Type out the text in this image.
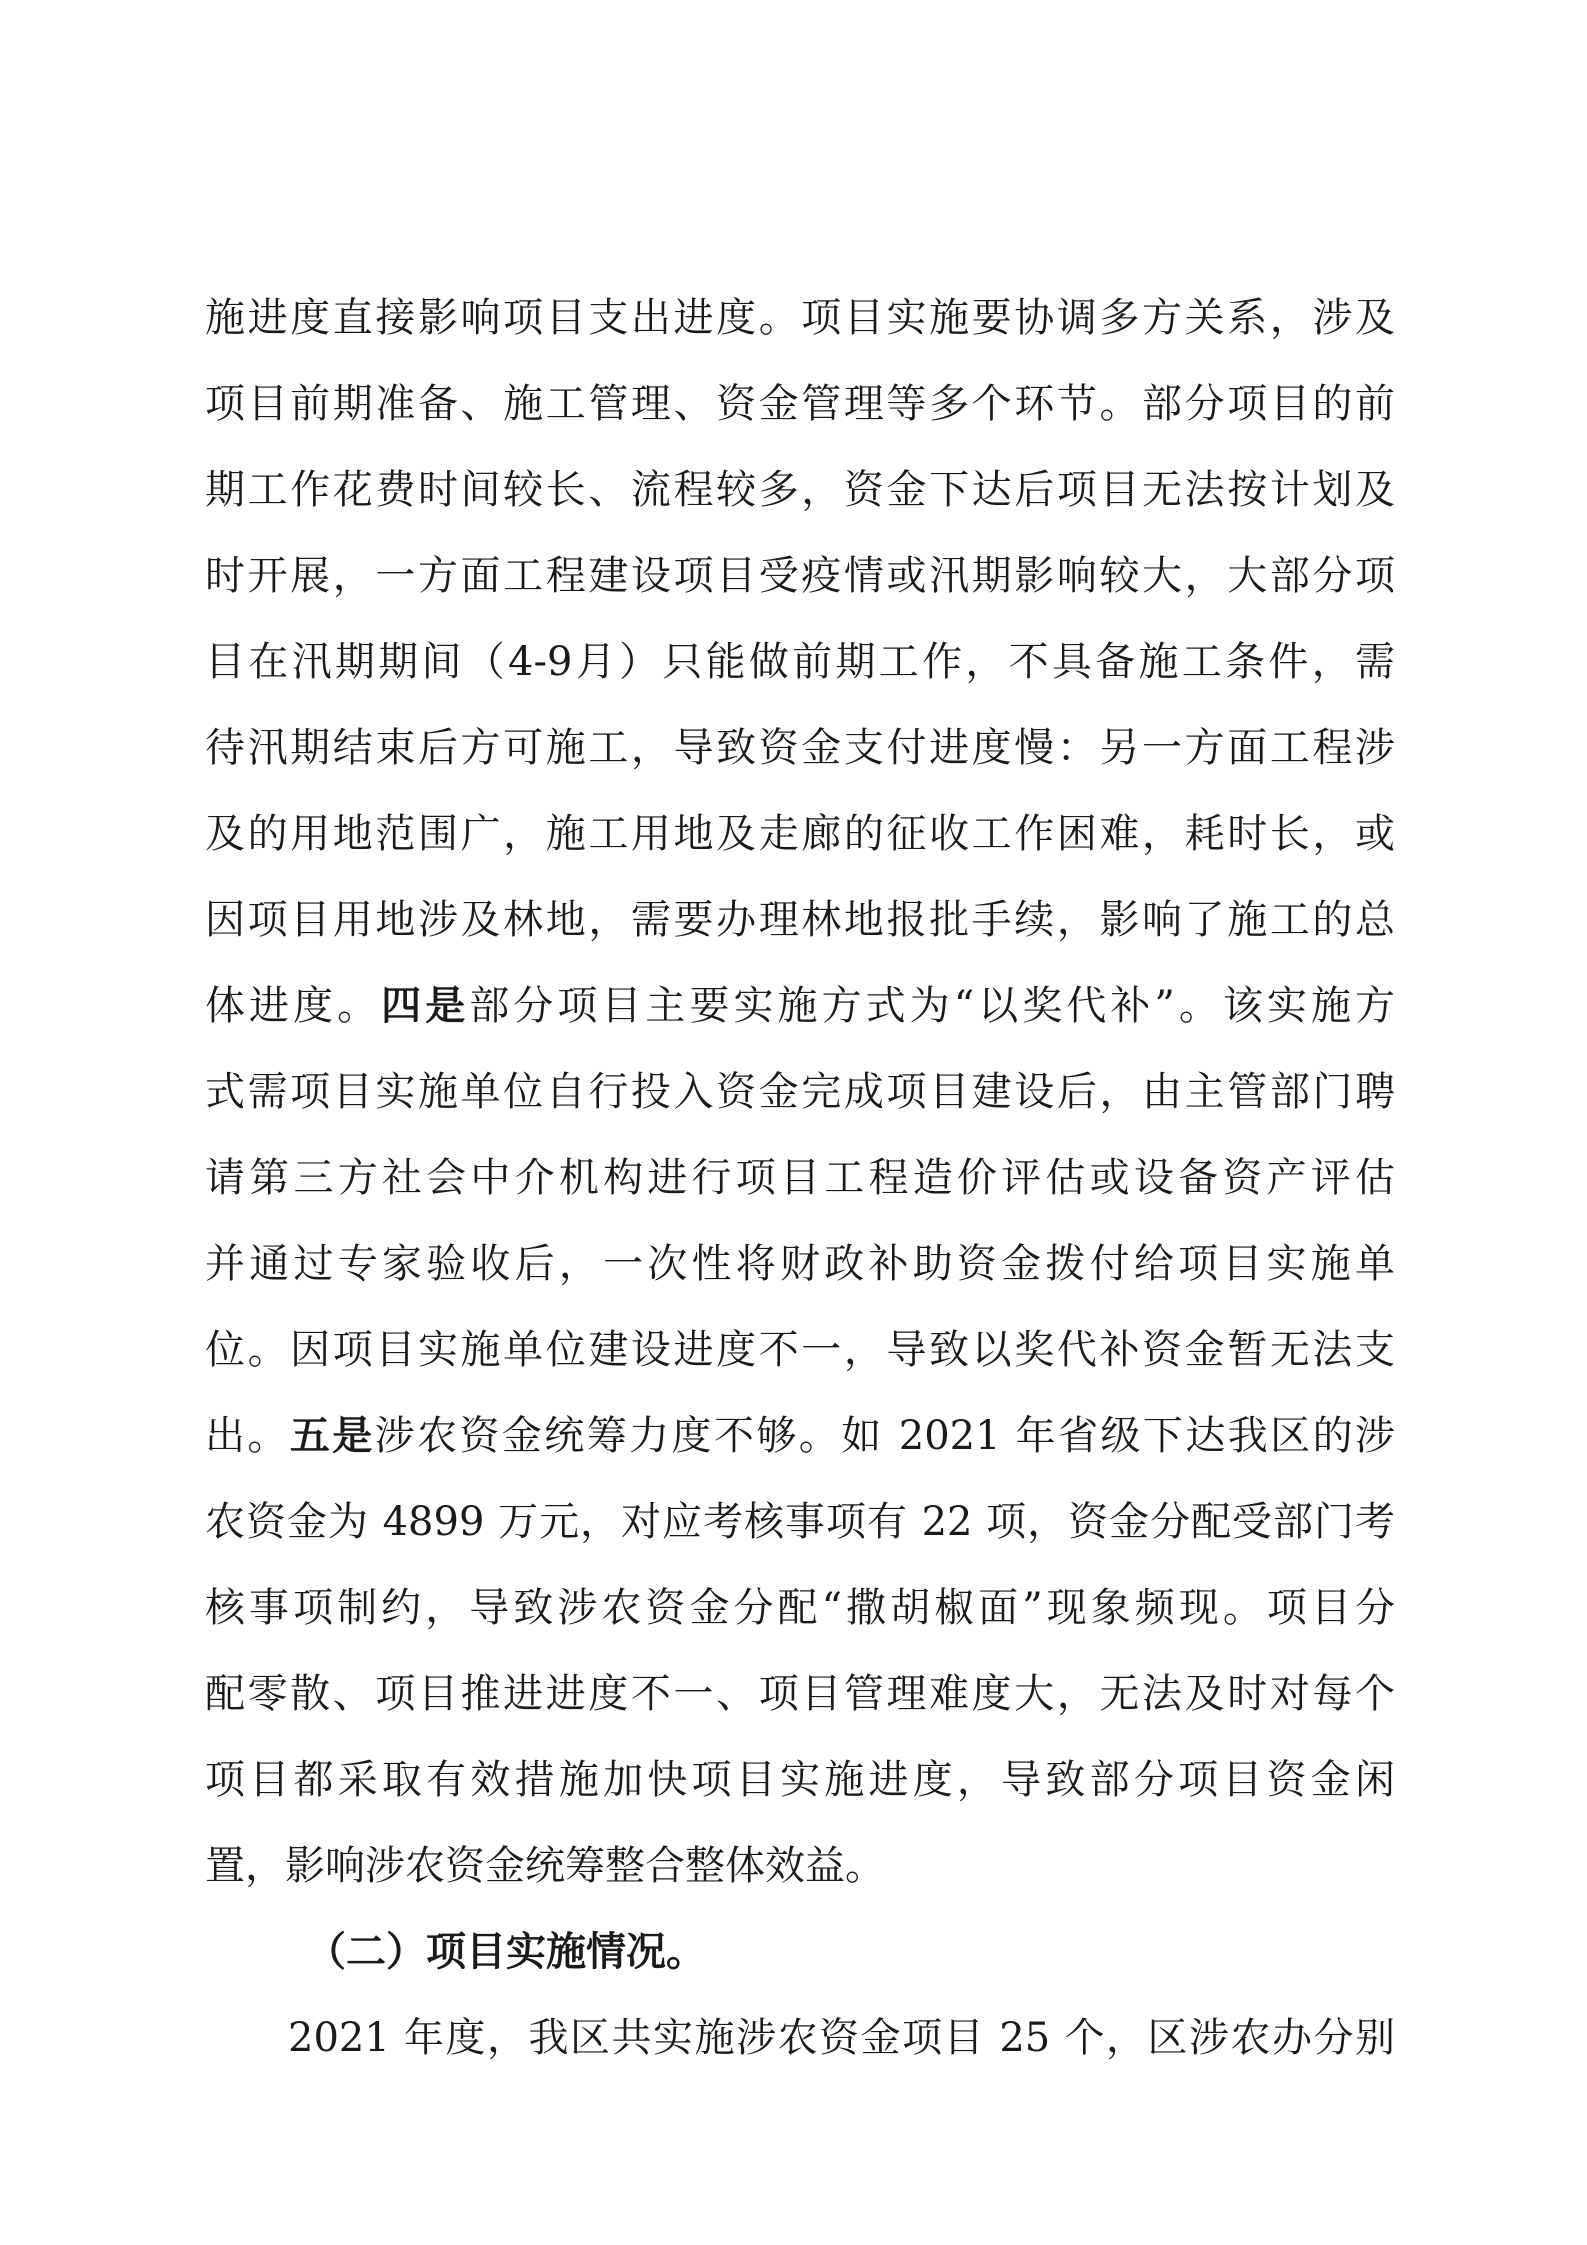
施进度直接影响项目支出进度。项目实施要协调多方关系，涉及
项目前期准备、施工管理、资金管理等多个环节。部分项目的前
期工作花费时间较长、流程较多，资金下达后项目无法按计划及
时开展，一方面工程建设项目受疫情或汛期影响较大，大部分项
目在汛期期间（4-9月）只能做前期工作，不具备施工条件，需
待汛期结束后方可施工，导致资金支付进度慢：另一方面工程涉
及的用地范围广，施工用地及走廊的征收工作困难，耗时长，或
因项目用地涉及林地，需要办理林地报批手续，影响了施工的总
体进度。四是部分项目主要实施方式为“以奖代补”。该实施方
式需项目实施单位自行投入资金完成项目建设后，由主管部门聘
请第三方社会中介机构进行项目工程造价评估或设备资产评估
并通过专家验收后，一次性将财政补助资金拨付给项目实施单
位。因项目实施单位建设进度不一，导致以奖代补资金暂无法支
出。五是涉农资金统筹力度不够。如 2021 年省级下达我区的涉
农资金为 4899 万元，对应考核事项有 22 项，资金分配受部门考
核事项制约，导致涉农资金分配“撒胡椒面”现象频现。项目分
配零散、项目推进进度不一、项目管理难度大，无法及时对每个
项目都采取有效措施加快项目实施进度，导致部分项目资金闲
置，影响涉农资金统筹整合整体效益。
（二）项目实施情况。
2021 年度，我区共实施涉农资金项目 25 个，区涉农办分别
